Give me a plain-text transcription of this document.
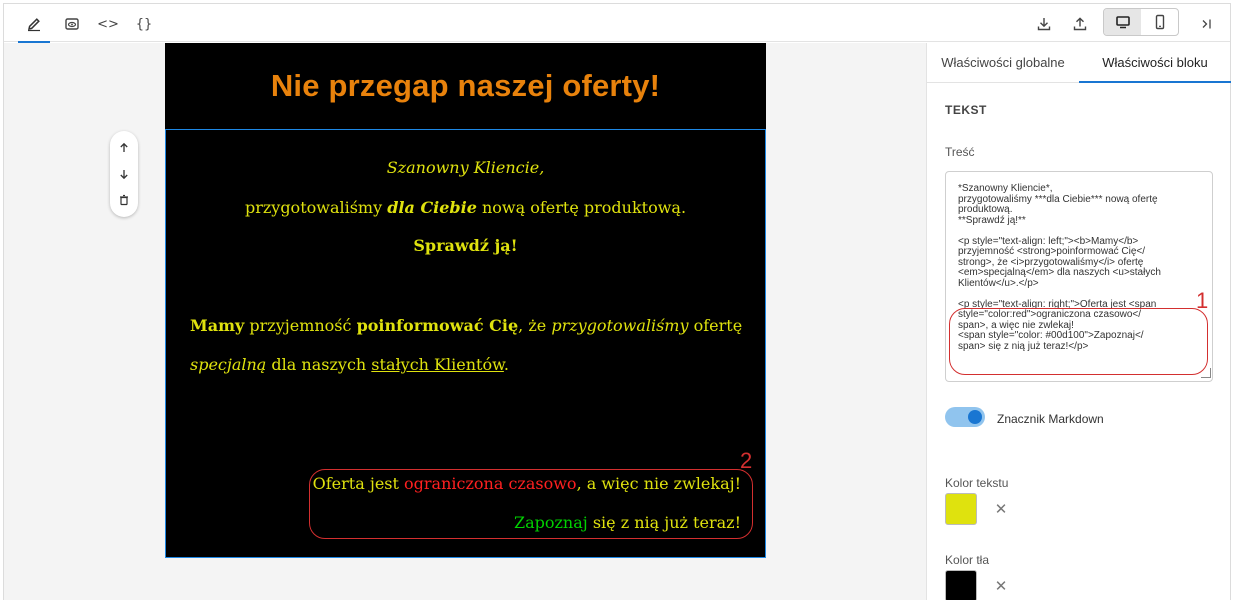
<>	{}
Nie przegap naszej oferty!
Szanowny Kliencie,
przygotowaliśmy dla Ciebie nową ofertę produktową.
Sprawdź ją!
Mamy przyjemność poinformować Cię, że przygotowaliśmy ofertę
specjalną dla naszych stałych Klientów.
Oferta jest ograniczona czasowo, a więc nie zwlekaj!
Zapoznaj się z nią już teraz!
2
Właściwości globalne	Właściwości bloku
TEKST
Treść
*Szanowny Kliencie*,
przygotowaliśmy ***dla Ciebie*** nową ofertę
produktową.
**Sprawdź ją!**

<p style="text-align: left;"><b>Mamy</b>
przyjemność <strong>poinformować Cię</
strong>, że <i>przygotowaliśmy</i> ofertę
<em>specjalną</em> dla naszych <u>stałych
Klientów</u>.</p>

<p style="text-align: right;">Oferta jest <span
style="color:red">ograniczona czasowo</
span>, a więc nie zwlekaj!
<span style="color: #00d100">Zapoznaj</
span> się z nią już teraz!</p>
1
Znacznik Markdown
Kolor tekstu
✕
Kolor tła
✕
